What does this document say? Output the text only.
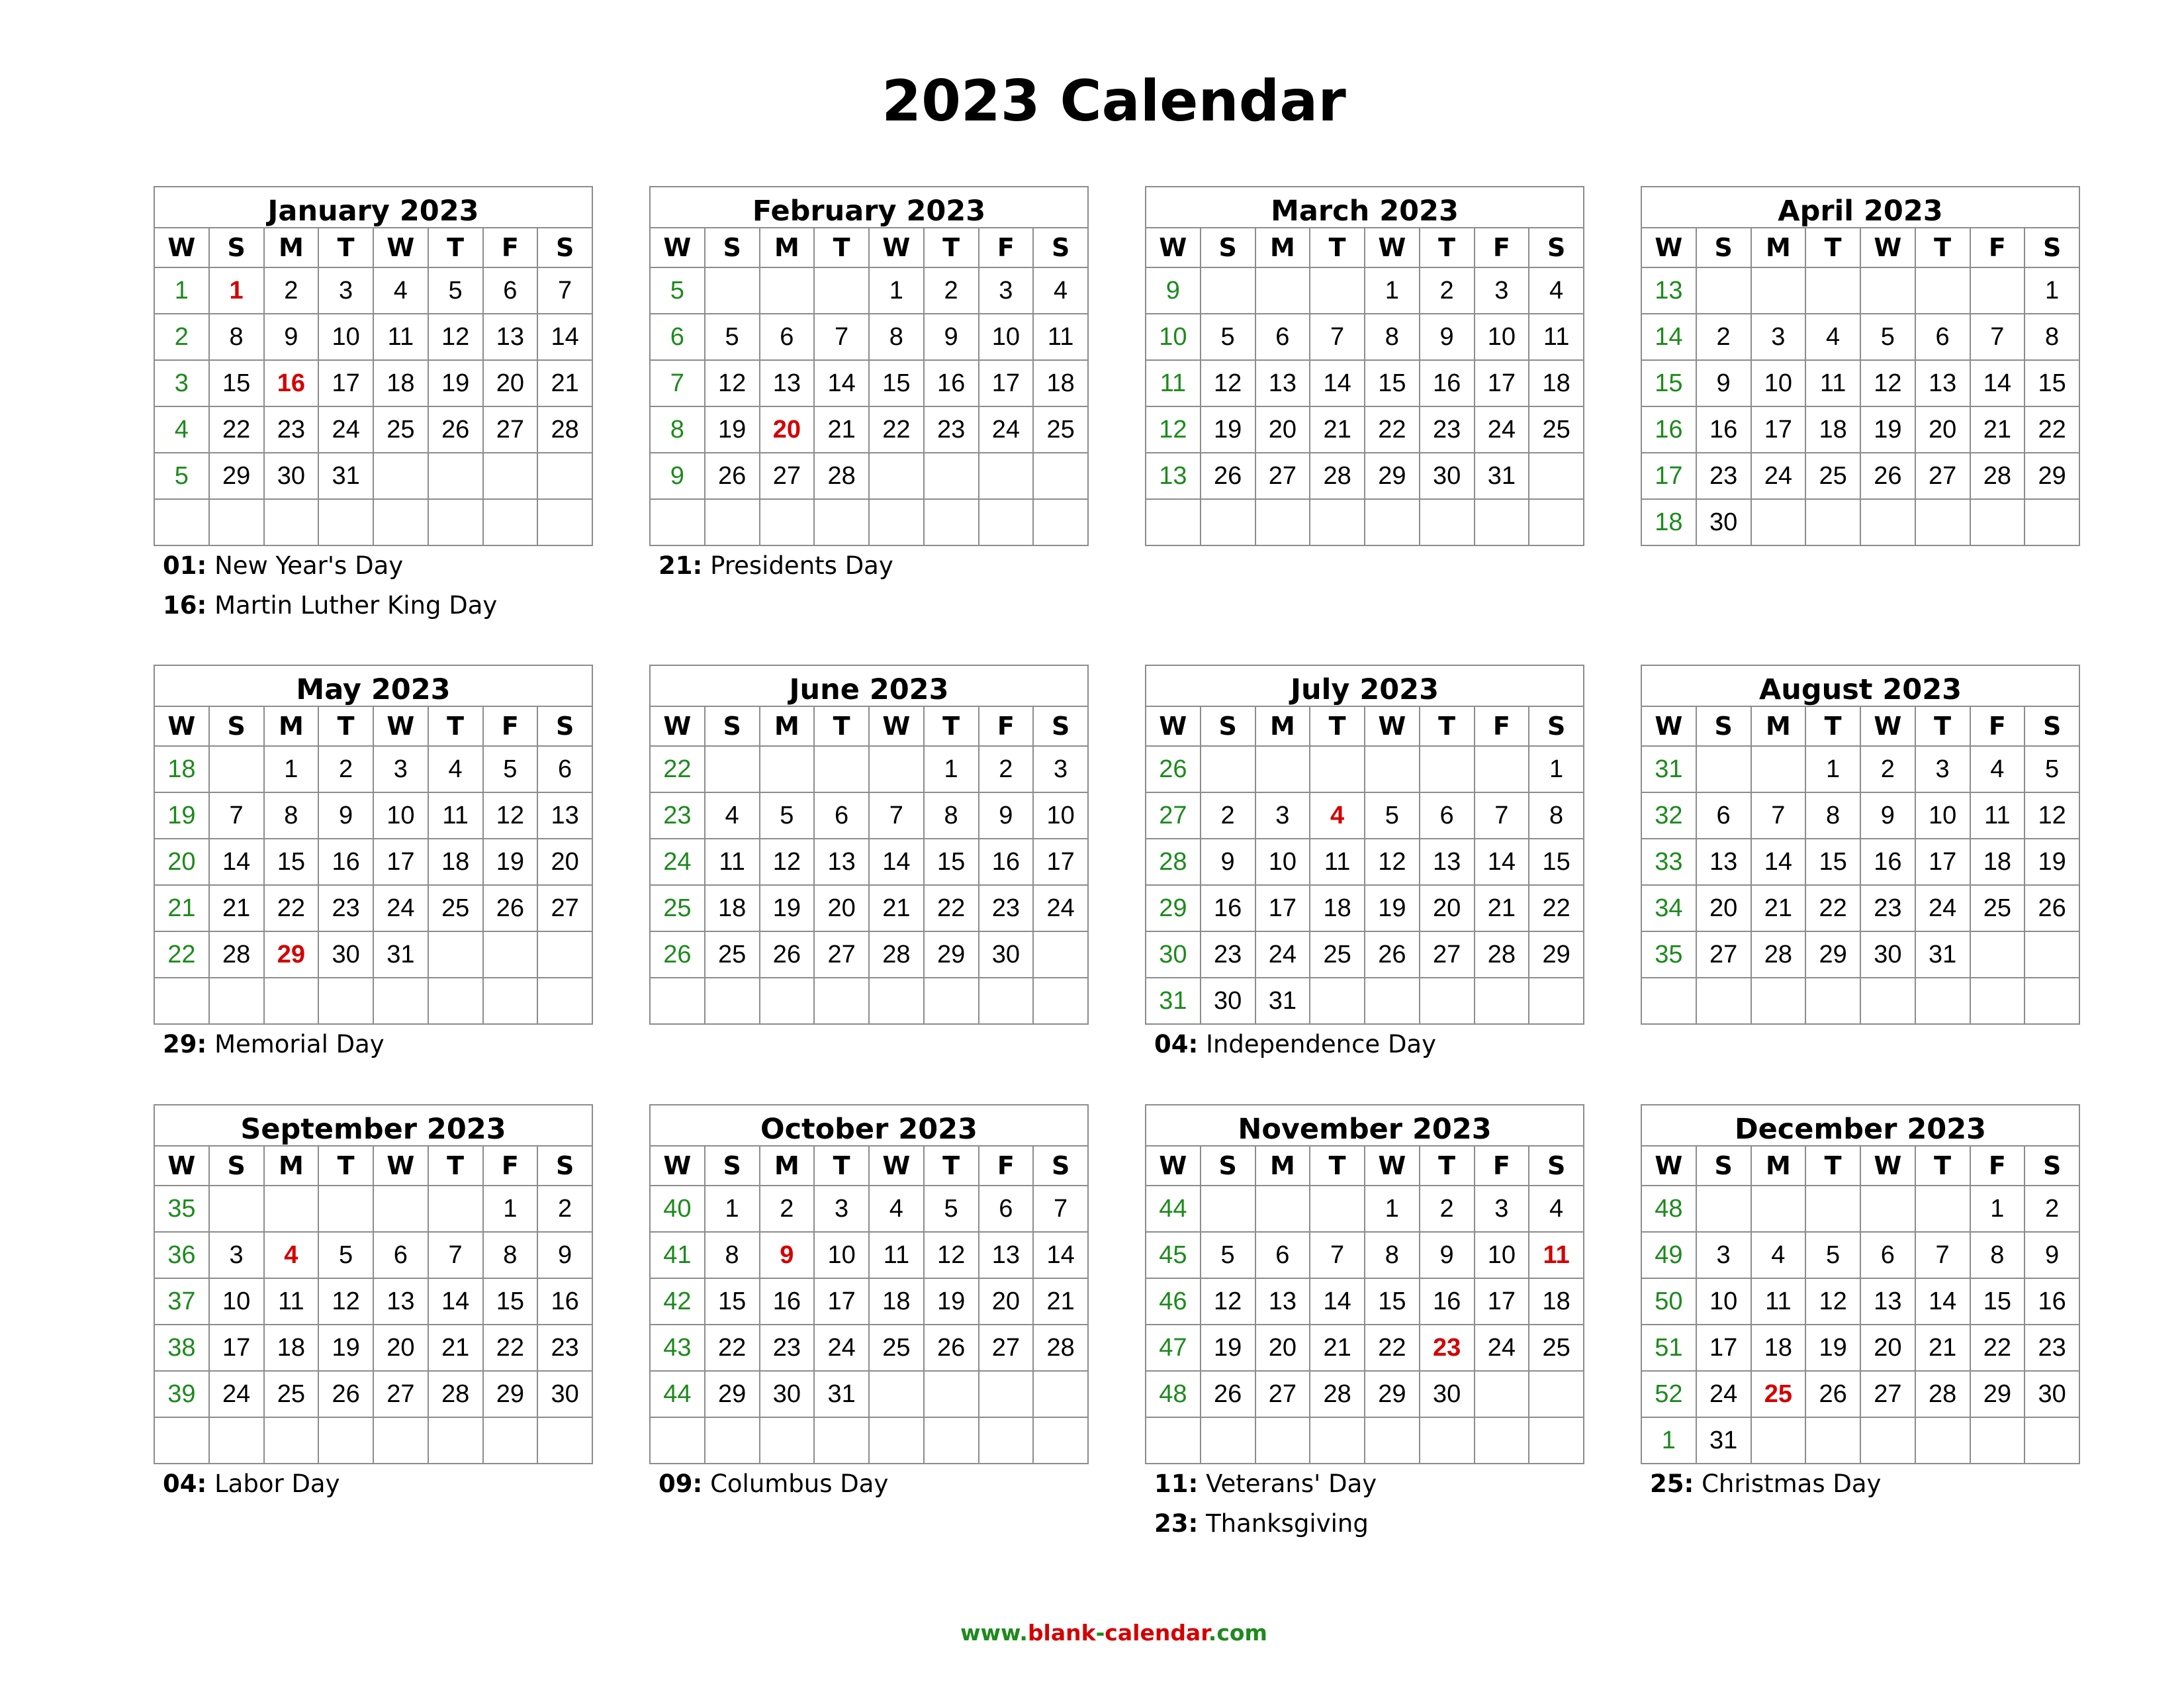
2023 Calendar
January 2023							
W	S	M	T	W	T	F	S
1	1	2	3	4	5	6	7
2	8	9	10	11	12	13	14
3	15	16	17	18	19	20	21
4	22	23	24	25	26	27	28
5	29	30	31				

01: New Year's Day
16: Martin Luther King Day
February 2023							
W	S	M	T	W	T	F	S
5				1	2	3	4
6	5	6	7	8	9	10	11
7	12	13	14	15	16	17	18
8	19	20	21	22	23	24	25
9	26	27	28				

21: Presidents Day
March 2023							
W	S	M	T	W	T	F	S
9				1	2	3	4
10	5	6	7	8	9	10	11
11	12	13	14	15	16	17	18
12	19	20	21	22	23	24	25
13	26	27	28	29	30	31	

April 2023							
W	S	M	T	W	T	F	S
13							1
14	2	3	4	5	6	7	8
15	9	10	11	12	13	14	15
16	16	17	18	19	20	21	22
17	23	24	25	26	27	28	29
18	30						
May 2023							
W	S	M	T	W	T	F	S
18		1	2	3	4	5	6
19	7	8	9	10	11	12	13
20	14	15	16	17	18	19	20
21	21	22	23	24	25	26	27
22	28	29	30	31			

29: Memorial Day
June 2023							
W	S	M	T	W	T	F	S
22					1	2	3
23	4	5	6	7	8	9	10
24	11	12	13	14	15	16	17
25	18	19	20	21	22	23	24
26	25	26	27	28	29	30	

July 2023							
W	S	M	T	W	T	F	S
26							1
27	2	3	4	5	6	7	8
28	9	10	11	12	13	14	15
29	16	17	18	19	20	21	22
30	23	24	25	26	27	28	29
31	30	31					
04: Independence Day
August 2023							
W	S	M	T	W	T	F	S
31			1	2	3	4	5
32	6	7	8	9	10	11	12
33	13	14	15	16	17	18	19
34	20	21	22	23	24	25	26
35	27	28	29	30	31		

September 2023							
W	S	M	T	W	T	F	S
35						1	2
36	3	4	5	6	7	8	9
37	10	11	12	13	14	15	16
38	17	18	19	20	21	22	23
39	24	25	26	27	28	29	30

04: Labor Day
October 2023							
W	S	M	T	W	T	F	S
40	1	2	3	4	5	6	7
41	8	9	10	11	12	13	14
42	15	16	17	18	19	20	21
43	22	23	24	25	26	27	28
44	29	30	31				

09: Columbus Day
November 2023							
W	S	M	T	W	T	F	S
44				1	2	3	4
45	5	6	7	8	9	10	11
46	12	13	14	15	16	17	18
47	19	20	21	22	23	24	25
48	26	27	28	29	30		

11: Veterans' Day
23: Thanksgiving
December 2023							
W	S	M	T	W	T	F	S
48						1	2
49	3	4	5	6	7	8	9
50	10	11	12	13	14	15	16
51	17	18	19	20	21	22	23
52	24	25	26	27	28	29	30
1	31						
25: Christmas Day
www.blank-calendar.com
